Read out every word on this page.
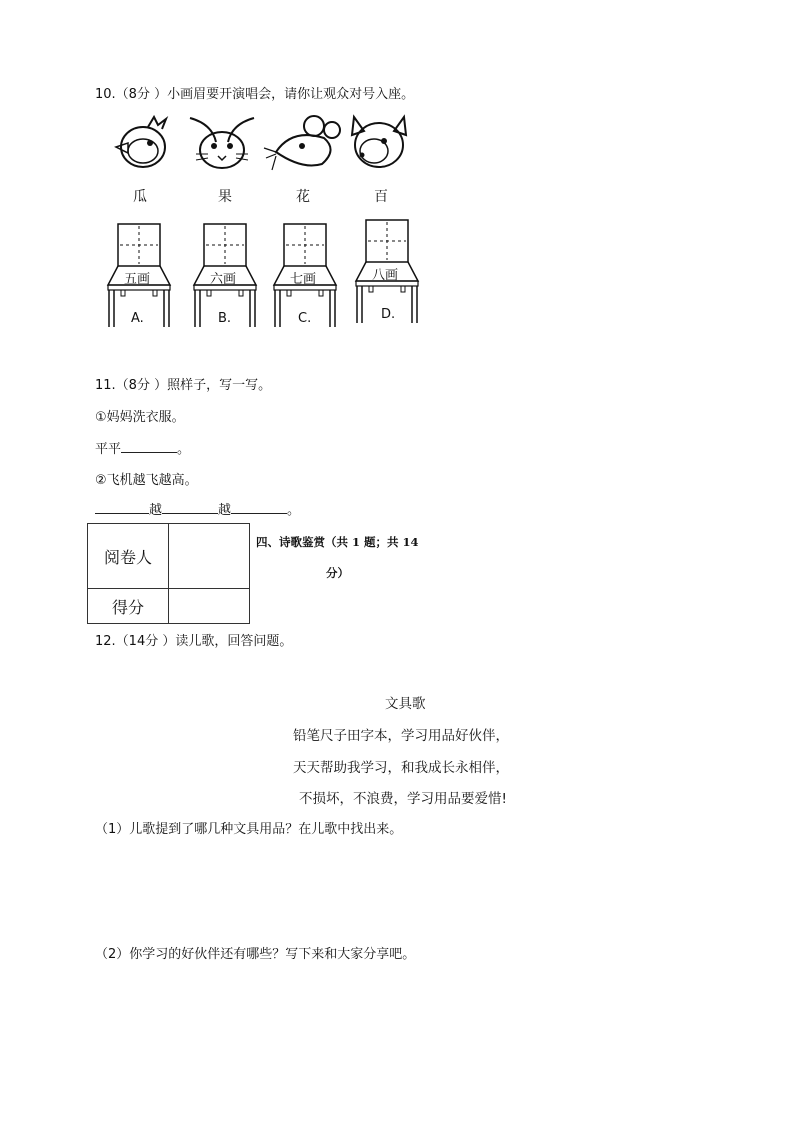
10.（8分 ）小画眉要开演唱会，请你让观众对号入座。
瓜	果	花	百
五画	六画	七画	八画
A.	B.	C.	D.
11.（8分 ）照样子，写一写。
①妈妈洗衣服。
平平	。
②飞机越飞越高。
越	越	。
阅卷人	
得分	
四、诗歌鉴赏（共 1 题；共 14
分）
12.（14分 ）读儿歌，回答问题。
文具歌
铅笔尺子田字本，学习用品好伙伴，
天天帮助我学习，和我成长永相伴，
不损坏，不浪费，学习用品要爱惜!
（1）儿歌提到了哪几种文具用品？在儿歌中找出来。
（2）你学习的好伙伴还有哪些？写下来和大家分享吧。
